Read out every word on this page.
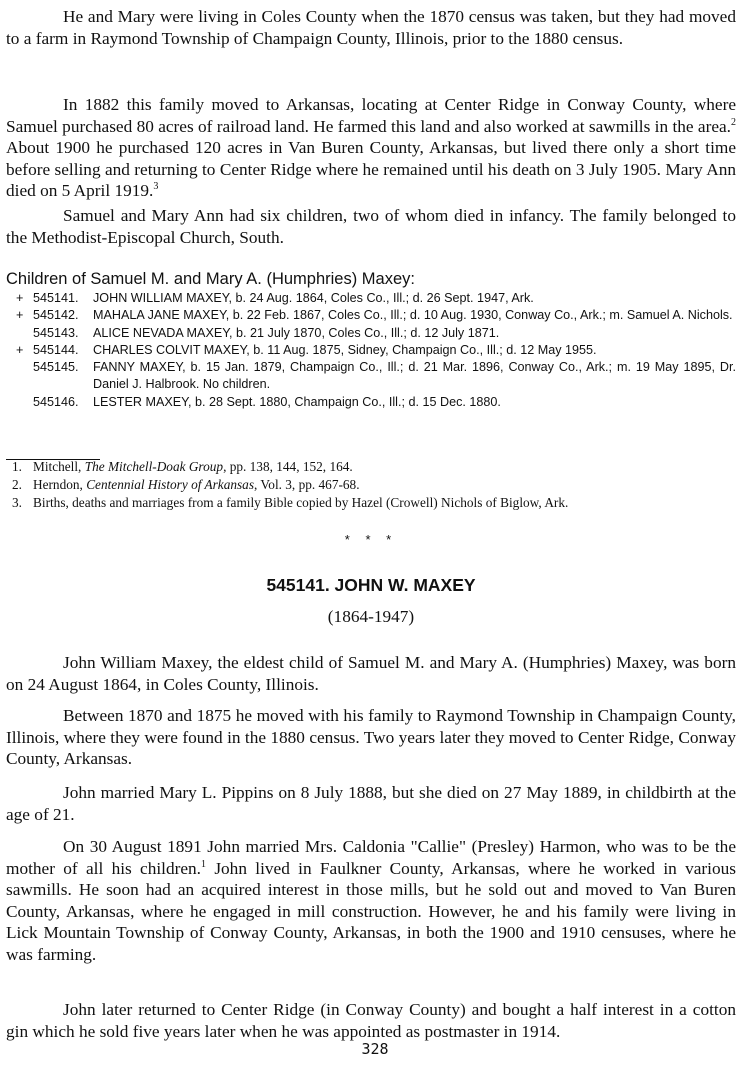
He and Mary were living in Coles County when the 1870 census was taken, but they had moved to a farm in Raymond Township of Champaign County, Illinois, prior to the 1880 census.

In 1882 this family moved to Arkansas, locating at Center Ridge in Conway County, where Samuel purchased 80 acres of railroad land. He farmed this land and also worked at sawmills in the area.$^2$ About 1900 he purchased 120 acres in Van Buren County, Arkansas, but lived there only a short time before selling and returning to Center Ridge where he remained until his death on 3 July 1905. Mary Ann died on 5 April 1919.$^3$

Samuel and Mary Ann had six children, two of whom died in infancy. The family belonged to the Methodist-Episcopal Church, South.

Children of Samuel M. and Mary A. (Humphries) Maxey:
+ 545141. JOHN WILLIAM MAXEY, b. 24 Aug. 1864, Coles Co., Ill.; d. 26 Sept. 1947, Ark.
+ 545142. MAHALA JANE MAXEY, b. 22 Feb. 1867, Coles Co., Ill.; d. 10 Aug. 1930, Conway Co., Ark.; m. Samuel A. Nichols.
545143. ALICE NEVADA MAXEY, b. 21 July 1870, Coles Co., Ill.; d. 12 July 1871.
+ 545144. CHARLES COLVIT MAXEY, b. 11 Aug. 1875, Sidney, Champaign Co., Ill.; d. 12 May 1955.
545145. FANNY MAXEY, b. 15 Jan. 1879, Champaign Co., Ill.; d. 21 Mar. 1896, Conway Co., Ark.; m. 19 May 1895, Dr. Daniel J. Halbrook. No children.
545146. LESTER MAXEY, b. 28 Sept. 1880, Champaign Co., Ill.; d. 15 Dec. 1880.
1. Mitchell, The Mitchell-Doak Group, pp. 138, 144, 152, 164.
2. Herndon, Centennial History of Arkansas, Vol. 3, pp. 467-68.
3. Births, deaths and marriages from a family Bible copied by Hazel (Crowell) Nichols of Biglow, Ark.
* * *
545141. JOHN W. MAXEY
(1864-1947)

John William Maxey, the eldest child of Samuel M. and Mary A. (Humphries) Maxey, was born on 24 August 1864, in Coles County, Illinois.

Between 1870 and 1875 he moved with his family to Raymond Township in Champaign County, Illinois, where they were found in the 1880 census. Two years later they moved to Center Ridge, Conway County, Arkansas.

John married Mary L. Pippins on 8 July 1888, but she died on 27 May 1889, in childbirth at the age of 21.

On 30 August 1891 John married Mrs. Caldonia "Callie" (Presley) Harmon, who was to be the mother of all his children.$^1$ John lived in Faulkner County, Arkansas, where he worked in various sawmills. He soon had an acquired interest in those mills, but he sold out and moved to Van Buren County, Arkansas, where he engaged in mill construction. However, he and his family were living in Lick Mountain Township of Conway County, Arkansas, in both the 1900 and 1910 censuses, where he was farming.

John later returned to Center Ridge (in Conway County) and bought a half interest in a cotton gin which he sold five years later when he was appointed as postmaster in 1914.

328
